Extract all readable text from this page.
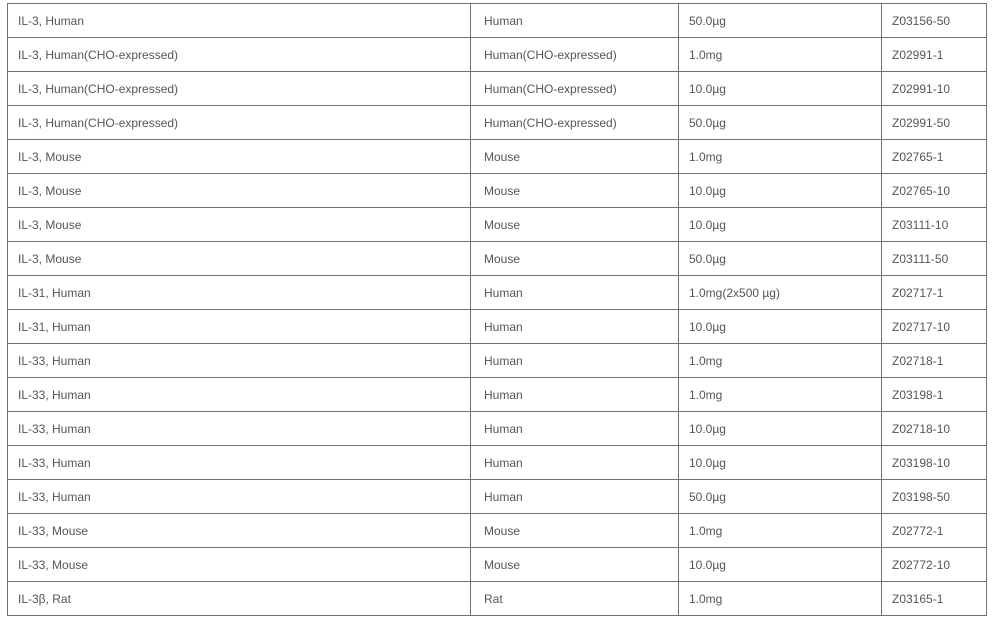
IL-3, Human	Human	50.0µg	Z03156-50
IL-3, Human(CHO-expressed)	Human(CHO-expressed)	1.0mg	Z02991-1
IL-3, Human(CHO-expressed)	Human(CHO-expressed)	10.0µg	Z02991-10
IL-3, Human(CHO-expressed)	Human(CHO-expressed)	50.0µg	Z02991-50
IL-3, Mouse	Mouse	1.0mg	Z02765-1
IL-3, Mouse	Mouse	10.0µg	Z02765-10
IL-3, Mouse	Mouse	10.0µg	Z03111-10
IL-3, Mouse	Mouse	50.0µg	Z03111-50
IL-31, Human	Human	1.0mg(2x500 µg)	Z02717-1
IL-31, Human	Human	10.0µg	Z02717-10
IL-33, Human	Human	1.0mg	Z02718-1
IL-33, Human	Human	1.0mg	Z03198-1
IL-33, Human	Human	10.0µg	Z02718-10
IL-33, Human	Human	10.0µg	Z03198-10
IL-33, Human	Human	50.0µg	Z03198-50
IL-33, Mouse	Mouse	1.0mg	Z02772-1
IL-33, Mouse	Mouse	10.0µg	Z02772-10
IL-3β, Rat	Rat	1.0mg	Z03165-1
